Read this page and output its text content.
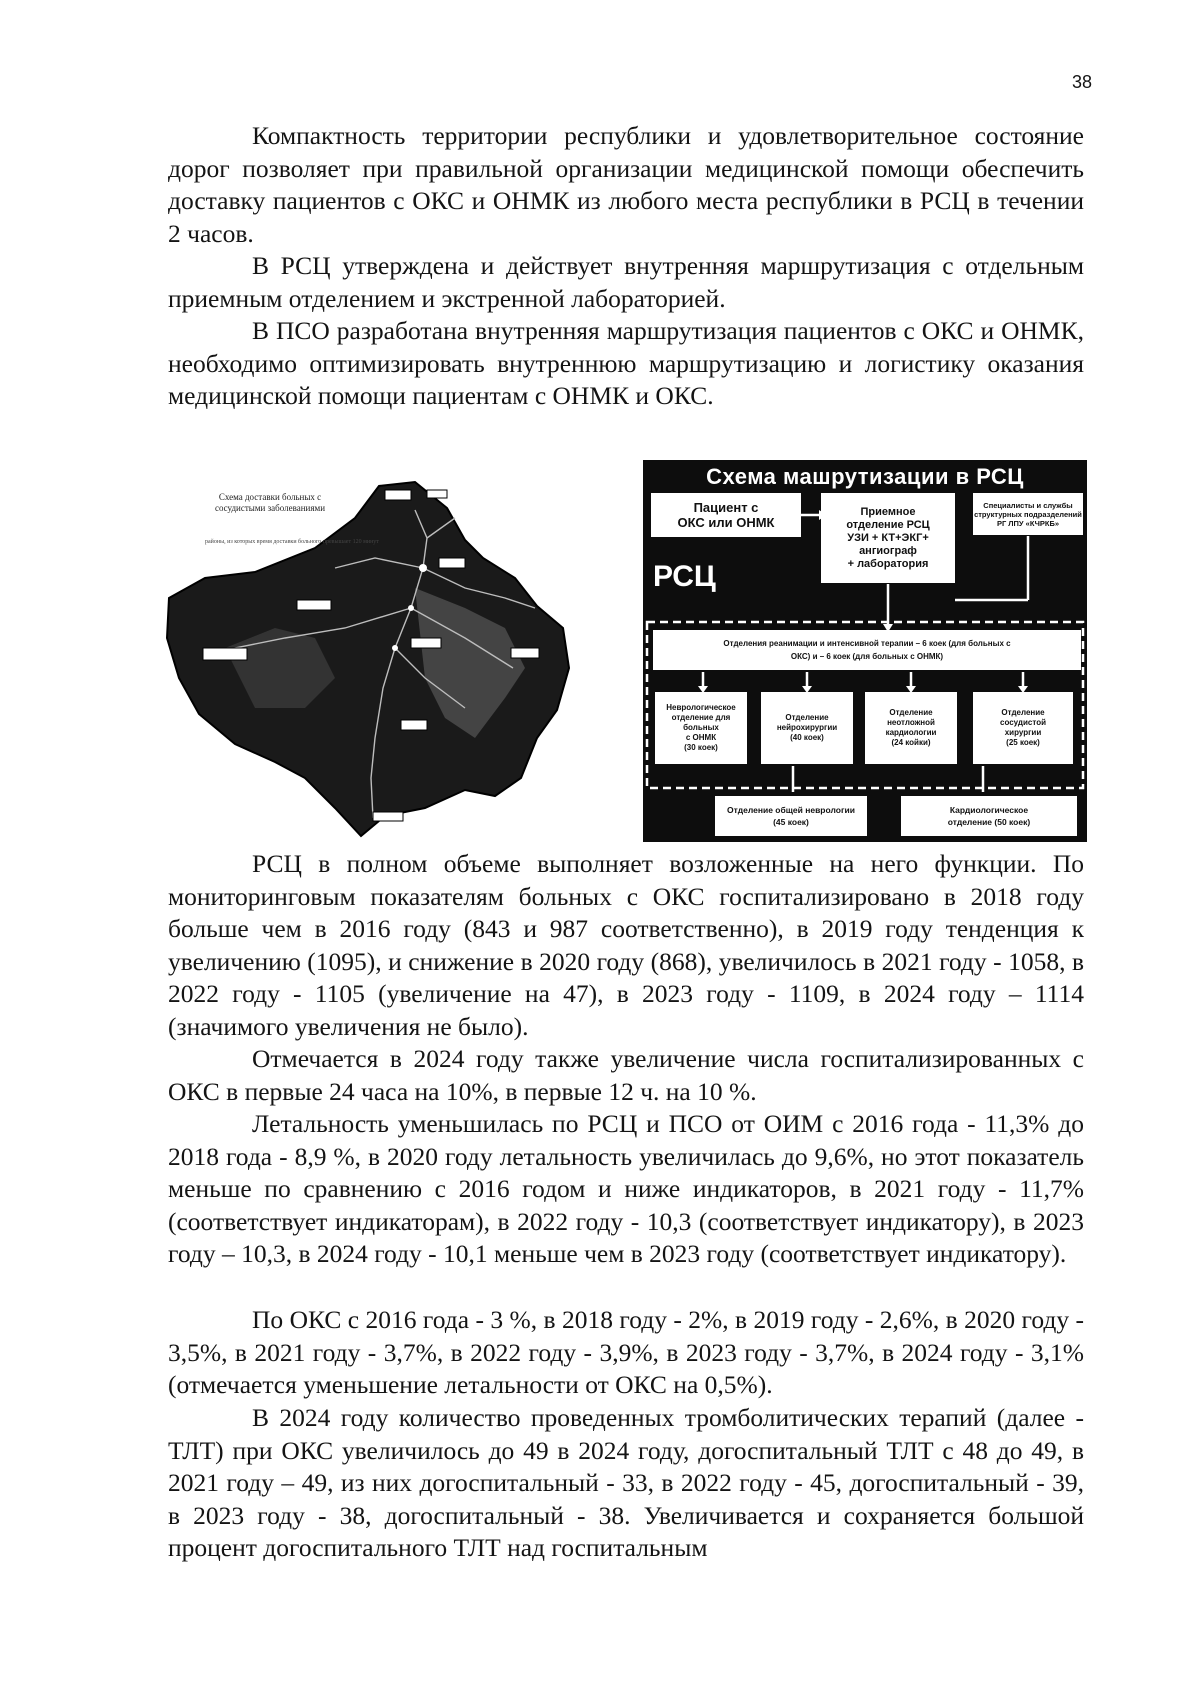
38

Компактность территории республики и удовлетворительное состояние дорог позволяет при правильной организации медицинской помощи обеспечить доставку пациентов с ОКС и ОНМК из любого места республики в РСЦ в течении 2 часов.

В РСЦ утверждена и действует внутренняя маршрутизация с отдельным приемным отделением и экстренной лабораторией.

В ПСО разработана внутренняя маршрутизация пациентов с ОКС и ОНМК, необходимо оптимизировать внутреннюю маршрутизацию и логистику оказания медицинской помощи пациентам с ОНМК и ОКС.

Схема доставки больных с сосудистыми заболеваниями
районы, из которых время доставки больного превышает 120 минут
Схема машрутизации в РСЦ
Пациент с
ОКС или ОНМК
Приемное
отделение РСЦ
УЗИ + КТ+ЭКГ+
ангиограф
+ лаборатория
Специалисты и службы
структурных подразделений
РГ ЛПУ «КЧРКБ»
РСЦ
Отделения реанимации и интенсивной терапии – 6 коек (для больных с
ОКС) и – 6 коек (для больных с ОНМК)
Неврологическое
отделение для
больных
с ОНМК
(30 коек)
Отделение
нейрохирургии
(40 коек)
Отделение
неотложной
кардиологии
(24 койки)
Отделение
сосудистой
хирургии
(25 коек)
Отделение общей неврологии
(45 коек)
Кардиологическое
отделение (50 коек)

РСЦ в полном объеме выполняет возложенные на него функции. По мониторинговым показателям больных с ОКС госпитализировано в 2018 году больше чем в 2016 году (843 и 987 соответственно), в 2019 году тенденция к увеличению (1095), и снижение в 2020 году (868), увеличилось в 2021 году - 1058, в 2022 году - 1105 (увеличение на 47), в 2023 году - 1109, в 2024 году – 1114 (значимого увеличения не было).

Отмечается в 2024 году также увеличение числа госпитализированных с ОКС в первые 24 часа на 10%, в первые 12 ч. на 10 %.

Летальность уменьшилась по РСЦ и ПСО от ОИМ с 2016 года - 11,3% до 2018 года - 8,9 %, в 2020 году летальность увеличилась до 9,6%, но этот показатель меньше по сравнению с 2016 годом и ниже индикаторов, в 2021 году - 11,7% (соответствует индикаторам), в 2022 году - 10,3 (соответствует индикатору), в 2023 году – 10,3, в 2024 году - 10,1 меньше чем в 2023 году (соответствует индикатору).

По ОКС с 2016 года - 3 %, в 2018 году - 2%, в 2019 году - 2,6%, в 2020 году - 3,5%, в 2021 году - 3,7%, в 2022 году - 3,9%, в 2023 году - 3,7%, в 2024 году - 3,1% (отмечается уменьшение летальности от ОКС на 0,5%).

В 2024 году количество проведенных тромболитических терапий (далее - ТЛТ) при ОКС увеличилось до 49 в 2024 году, догоспитальный ТЛТ с 48 до 49, в 2021 году – 49, из них догоспитальный - 33, в 2022 году - 45, догоспитальный - 39, в 2023 году - 38, догоспитальный - 38. Увеличивается и сохраняется большой процент догоспитального ТЛТ над госпитальным
